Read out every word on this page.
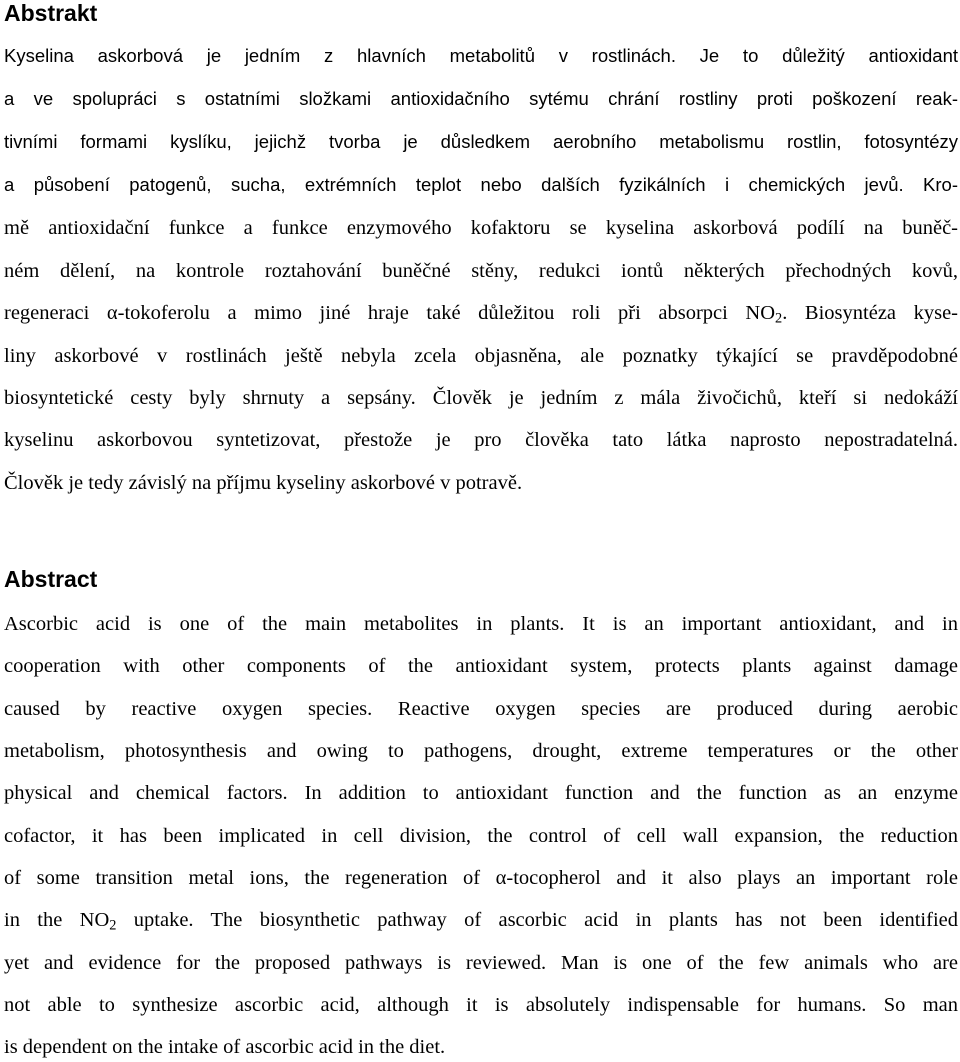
Abstrakt
Kyselina askorbová je jedním z hlavních metabolitů v rostlinách. Je to důležitý antioxidant
a ve spolupráci s ostatními složkami antioxidačního sytému chrání rostliny proti poškození reak-
tivními formami kyslíku, jejichž tvorba je důsledkem aerobního metabolismu rostlin, fotosyntézy
a působení patogenů, sucha, extrémních teplot nebo dalších fyzikálních i chemických jevů. Kro-
mě antioxidační funkce a funkce enzymového kofaktoru se kyselina askorbová podílí na buněč-
ném dělení, na kontrole roztahování buněčné stěny, redukci iontů některých přechodných kovů,
regeneraci α-tokoferolu a mimo jiné hraje také důležitou roli při absorpci $NO_2$. Biosyntéza kyse-
liny askorbové v rostlinách ještě nebyla zcela objasněna, ale poznatky týkající se pravděpodobné
biosyntetické cesty byly shrnuty a sepsány. Člověk je jedním z mála živočichů, kteří si nedokáží
kyselinu askorbovou syntetizovat, přestože je pro člověka tato látka naprosto nepostradatelná.
Člověk je tedy závislý na příjmu kyseliny askorbové v potravě.
Abstract
Ascorbic acid is one of the main metabolites in plants. It is an important antioxidant, and in
cooperation with other components of the antioxidant system, protects plants against damage
caused by reactive oxygen species. Reactive oxygen species are produced during aerobic
metabolism, photosynthesis and owing to pathogens, drought, extreme temperatures or the other
physical and chemical factors. In addition to antioxidant function and the function as an enzyme
cofactor, it has been implicated in cell division, the control of cell wall expansion, the reduction
of some transition metal ions, the regeneration of α-tocopherol and it also plays an important role
in the $NO_2$ uptake. The biosynthetic pathway of ascorbic acid in plants has not been identified
yet and evidence for the proposed pathways is reviewed. Man is one of the few animals who are
not able to synthesize ascorbic acid, although it is absolutely indispensable for humans. So man
is dependent on the intake of ascorbic acid in the diet.
